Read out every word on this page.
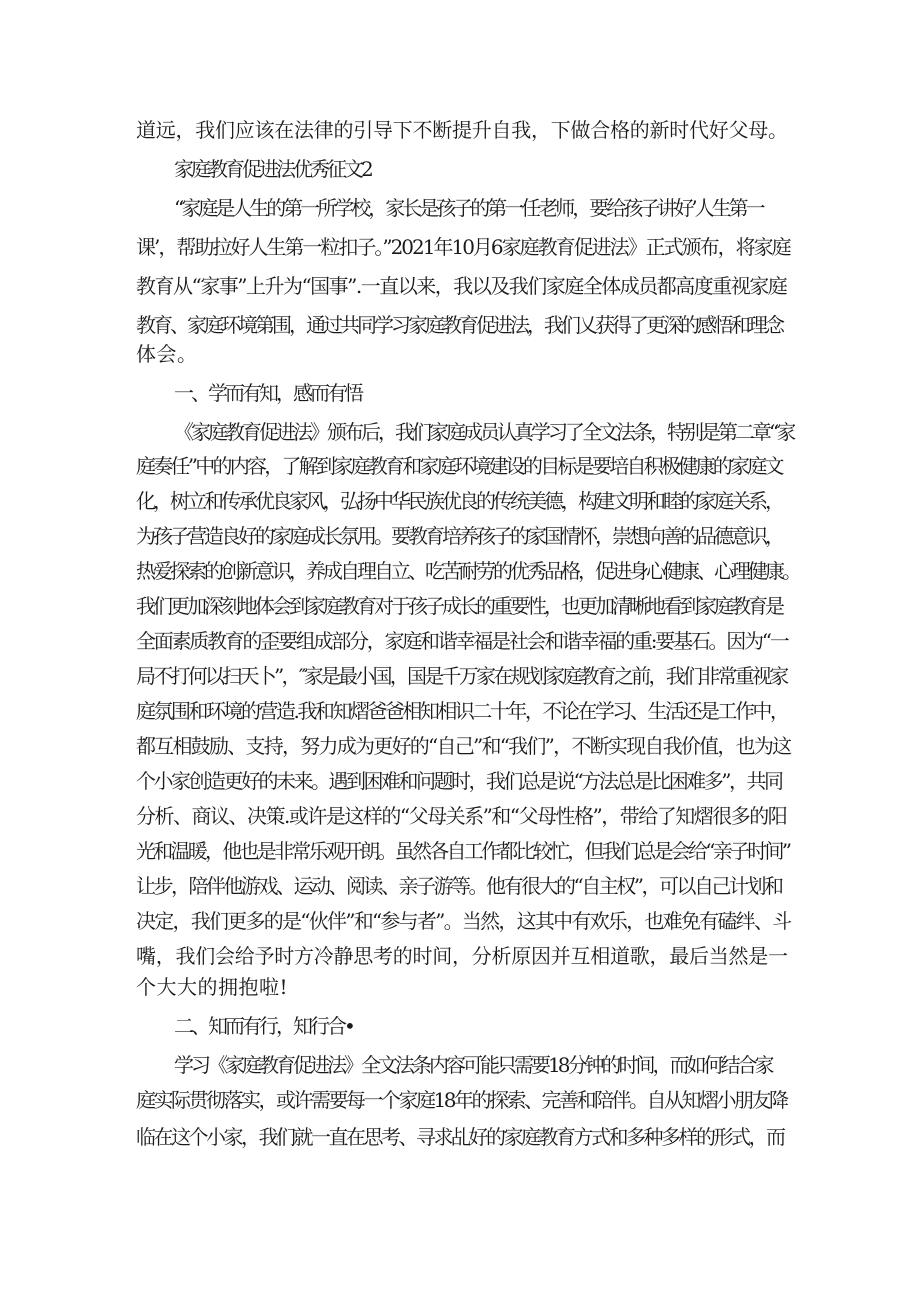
道远，我们应该在法律的引导下不断提升自我，下做合格的新时代好父母。
家庭教育促进法优秀征文2
“家庭是人生的第一所学校，家长是孩子的第一任老师，要给孩子讲好’人生第一
课’，帮助拉好人生第一粒扣子。”2021年10月6家庭教育促进法》正式颁布，将家庭
教育从“家事”上升为“国事”.一直以来，我以及我们家庭全体成员都高度重视家庭
教育、家庭环境第围，通过共同学习家庭教育促进法，我们乂获得了更深的感悟和理念
体会。
一、学而有知，感而有悟
《家庭教育促进法》颁布后，我们家庭成员认真学习了全文法条，特别是第二章“家
庭奏任”中的内容，了解到家庭教育和家庭环境建设的目标是要培自积极健康的家庭文
化，树立和传承优良家风，弘扬中华民族优良的传统美德，构建文明和睦的家庭关系，
为孩子营造良好的家庭成长氛用。要教育培养孩子的家国情怀，崇想向善的品德意识，
热爱探索的创新意识，养成自理自立、吃苦耐劳的优秀品格，促进身心健康、心理健康。
我们更加深刻地体会到家庭教育对于孩子成长的重要性，也更加清晰地看到家庭教育是
全面素质教育的歪要组成部分，家庭和谐幸福是社会和谐幸福的重:要基石。因为“一
局不打何以扫天卜”，″家是最小国，国是千万家在规划家庭教育之前，我们非常重视家
庭氛围和环境的营造.我和知熠爸爸相知相识二十年，不论在学习、生活还是工作中，
都互相鼓励、支持，努力成为更好的“自己”和“我们”，不断实现自我价值，也为这
个小家创造更好的未来。遇到困难和问题时，我们总是说“方法总是比困难多”，共同
分析、商议、决策.或许是这样的“父母关系”和“父母性格”，带给了知熠很多的阳
光和温暖，他也是非常乐观开朗。虽然各自工作都比较忙，但我们总是会给“亲子时间”
让步，陪伴他游戏、运动、阅读、亲子游等。他有很大的“自主权”，可以自己计划和
决定，我们更多的是“伙伴”和“参与者”。当然，这其中有欢乐，也难免有磕绊、斗
嘴，我们会给予时方冷静思考的时间，分析原因并互相道歌，最后当然是一
个大大的拥抱啦!
二、知而有行，知行合•
学习《家庭教育促进法》全文法条内容可能只需要18分钟的时间，而如何结合家
庭实际贯彻落实，或许需要每一个家庭18年的探索、完善和陪伴。自从知熠小朋友降
临在这个小家，我们就一直在思考、寻求乩好的家庭教育方式和多种多样的形式，而
